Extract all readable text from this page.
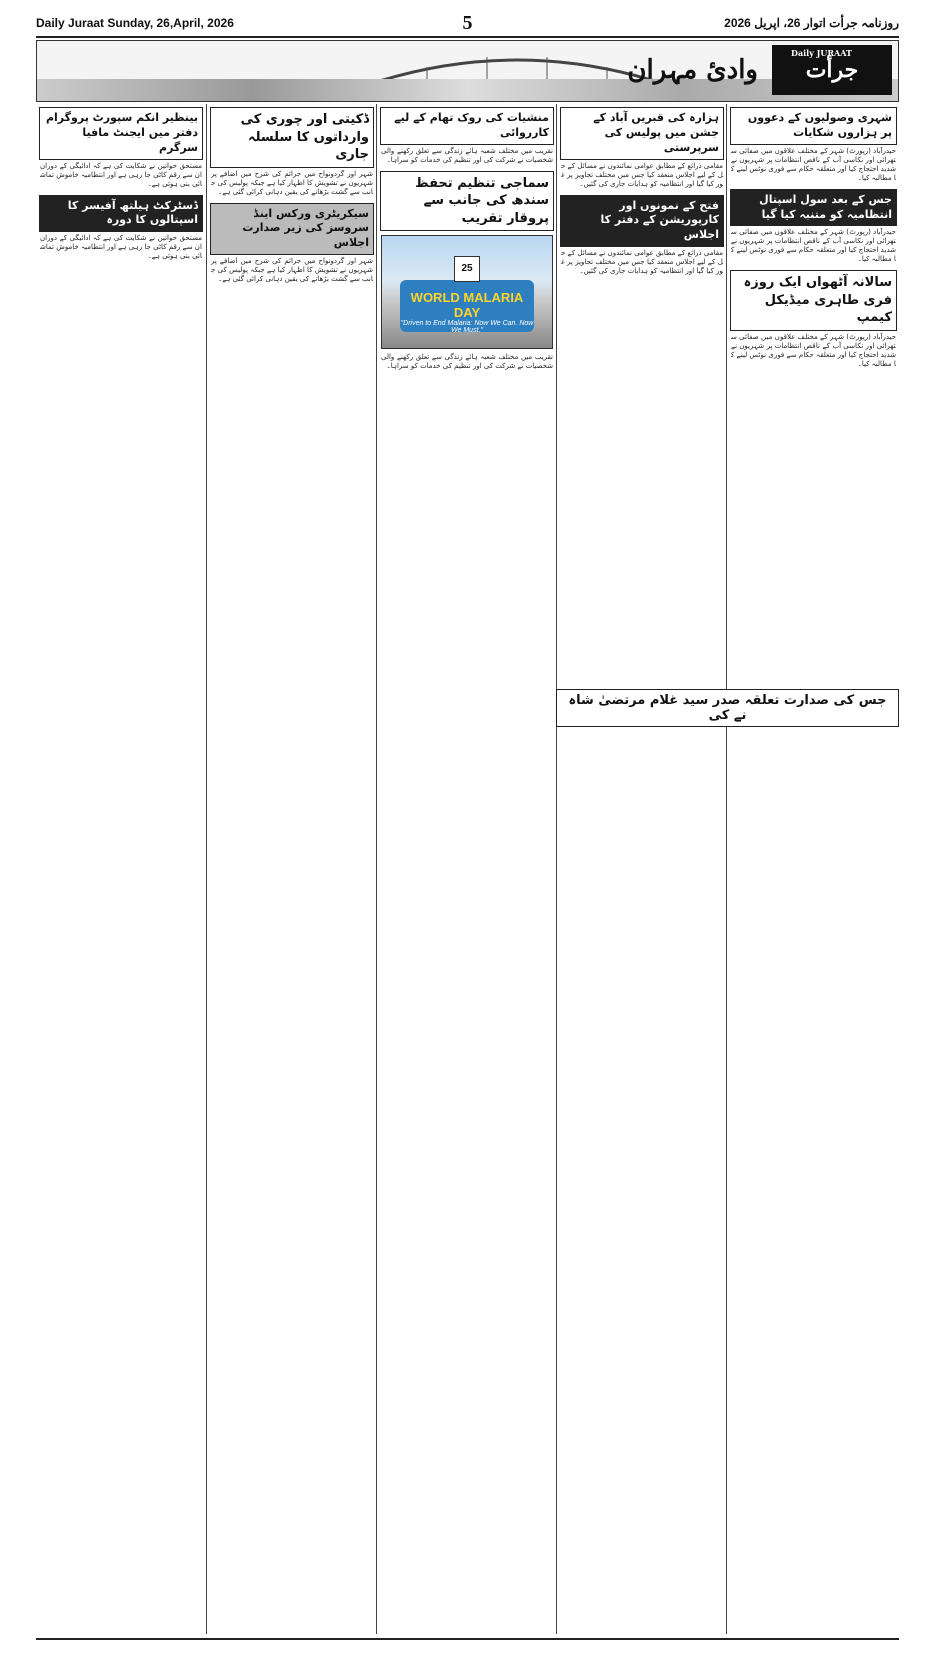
Daily Juraat Sunday, 26,April, 2026	5	روزنامہ جرأت اتوار 26، اپریل 2026
وادیٔ مہران
Daily JURAAT
جرأت
بینظیر انکم سپورٹ پروگرام دفتر میں ایجنٹ مافیا سرگرم
مستحق خواتین نے شکایت کی ہے کہ ادائیگی کے دوران ان سے رقم کاٹی جا رہی ہے اور انتظامیہ خاموش تماشائی بنی ہوئی ہے۔
ڈسٹرکٹ ہیلتھ آفیسر کا اسپتالوں کا دورہ
مستحق خواتین نے شکایت کی ہے کہ ادائیگی کے دوران ان سے رقم کاٹی جا رہی ہے اور انتظامیہ خاموش تماشائی بنی ہوئی ہے۔
ڈکیتی اور چوری کی وارداتوں کا سلسلہ جاری
شہر اور گردونواح میں جرائم کی شرح میں اضافے پر شہریوں نے تشویش کا اظہار کیا ہے جبکہ پولیس کی جانب سے گشت بڑھانے کی یقین دہانی کرائی گئی ہے۔
سیکریٹری ورکس اینڈ سروسز کی زیر صدارت اجلاس
شہر اور گردونواح میں جرائم کی شرح میں اضافے پر شہریوں نے تشویش کا اظہار کیا ہے جبکہ پولیس کی جانب سے گشت بڑھانے کی یقین دہانی کرائی گئی ہے۔
منشیات کی روک تھام کے لیے کارروائی
تقریب میں مختلف شعبہ ہائے زندگی سے تعلق رکھنے والی شخصیات نے شرکت کی اور تنظیم کی خدمات کو سراہا۔
سماجی تنظیم تحفظ سندھ کی جانب سے پروقار تقریب
25
WORLD MALARIA DAY
"Driven to End Malaria: Now We Can. Now We Must."
تقریب میں مختلف شعبہ ہائے زندگی سے تعلق رکھنے والی شخصیات نے شرکت کی اور تنظیم کی خدمات کو سراہا۔
ہزارہ کی قبریں آباد کے جشن میں پولیس کی سرپرستی
مقامی ذرائع کے مطابق عوامی نمائندوں نے مسائل کے حل کے لیے اجلاس منعقد کیا جس میں مختلف تجاویز پر غور کیا گیا اور انتظامیہ کو ہدایات جاری کی گئیں۔
فتح کے نمونوں اور کارپوریشن کے دفتر کا اجلاس
مقامی ذرائع کے مطابق عوامی نمائندوں نے مسائل کے حل کے لیے اجلاس منعقد کیا جس میں مختلف تجاویز پر غور کیا گیا اور انتظامیہ کو ہدایات جاری کی گئیں۔
شہری وصولیوں کے دعووں پر ہزاروں شکایات
حیدرآباد (رپورٹ) شہر کے مختلف علاقوں میں صفائی ستھرائی اور نکاسی آب کے ناقص انتظامات پر شہریوں نے شدید احتجاج کیا اور متعلقہ حکام سے فوری نوٹس لینے کا مطالبہ کیا۔
جس کے بعد سول اسپتال انتظامیہ کو متنبہ کیا گیا
حیدرآباد (رپورٹ) شہر کے مختلف علاقوں میں صفائی ستھرائی اور نکاسی آب کے ناقص انتظامات پر شہریوں نے شدید احتجاج کیا اور متعلقہ حکام سے فوری نوٹس لینے کا مطالبہ کیا۔
سالانہ آٹھواں ایک روزہ فری طاہری میڈیکل کیمپ
حیدرآباد (رپورٹ) شہر کے مختلف علاقوں میں صفائی ستھرائی اور نکاسی آب کے ناقص انتظامات پر شہریوں نے شدید احتجاج کیا اور متعلقہ حکام سے فوری نوٹس لینے کا مطالبہ کیا۔
جس کی صدارت تعلقہ صدر سید غلام مرتضیٰ شاہ نے کی
